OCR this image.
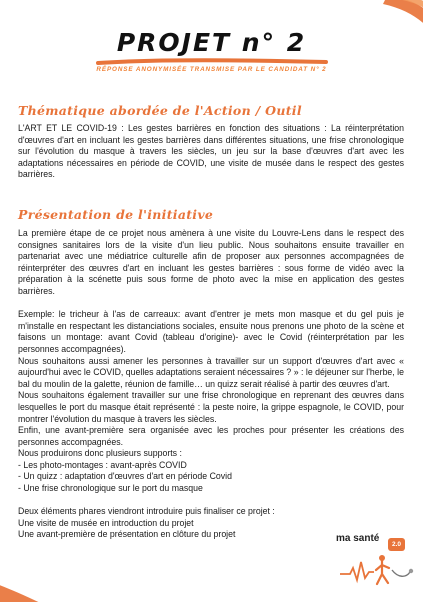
PROJET n° 2
RÉPONSE ANONYMISÉE TRANSMISE PAR LE CANDIDAT N° 2
Thématique abordée de l'Action / Outil

L'ART ET LE COVID-19 : Les gestes barrières en fonction des situations : La réinterprétation d'œuvres d'art en incluant les gestes barrières dans différentes situations, une frise chronologique sur l'évolution du masque à travers les siècles, un jeu sur la base d'œuvres d'art avec les adaptations nécessaires en période de COVID, une visite de musée dans le respect des gestes barrières.

Présentation de l'initiative

La première étape de ce projet nous amènera à une visite du Louvre-Lens dans le respect des consignes sanitaires lors de la visite d'un lieu public. Nous souhaitons ensuite travailler en partenariat avec une médiatrice culturelle afin de proposer aux personnes accompagnées de réinterpréter des œuvres d'art en incluant les gestes barrières : sous forme de vidéo avec la préparation à la scénette puis sous forme de photo avec la mise en application des gestes barrières.

Exemple: le tricheur à l'as de carreaux: avant d'entrer je mets mon masque et du gel puis je m'installe en respectant les distanciations sociales, ensuite nous prenons une photo de la scène et faisons un montage: avant Covid (tableau d'origine)- avec le Covid (réinterprétation par les personnes accompagnées).

Nous souhaitons aussi amener les personnes à travailler sur un support d'œuvres d'art avec « aujourd'hui avec le COVID, quelles adaptations seraient nécessaires ? » : le déjeuner sur l'herbe, le bal du moulin de la galette, réunion de famille… un quizz serait réalisé à partir des œuvres d'art.

Nous souhaitons également travailler sur une frise chronologique en reprenant des œuvres dans lesquelles le port du masque était représenté : la peste noire, la grippe espagnole, le COVID, pour montrer l'évolution du masque à travers les siècles.

Enfin, une avant-première sera organisée avec les proches pour présenter les créations des personnes accompagnées.

Nous produirons donc plusieurs supports :

- Les photo-montages : avant-après COVID

- Un quizz : adaptation d'œuvres d'art en période Covid

- Une frise chronologique sur le port du masque

Deux éléments phares viendront introduire puis finaliser ce projet :

Une visite de musée en introduction du projet

Une avant-première de présentation en clôture du projet	ma santé
2.0
